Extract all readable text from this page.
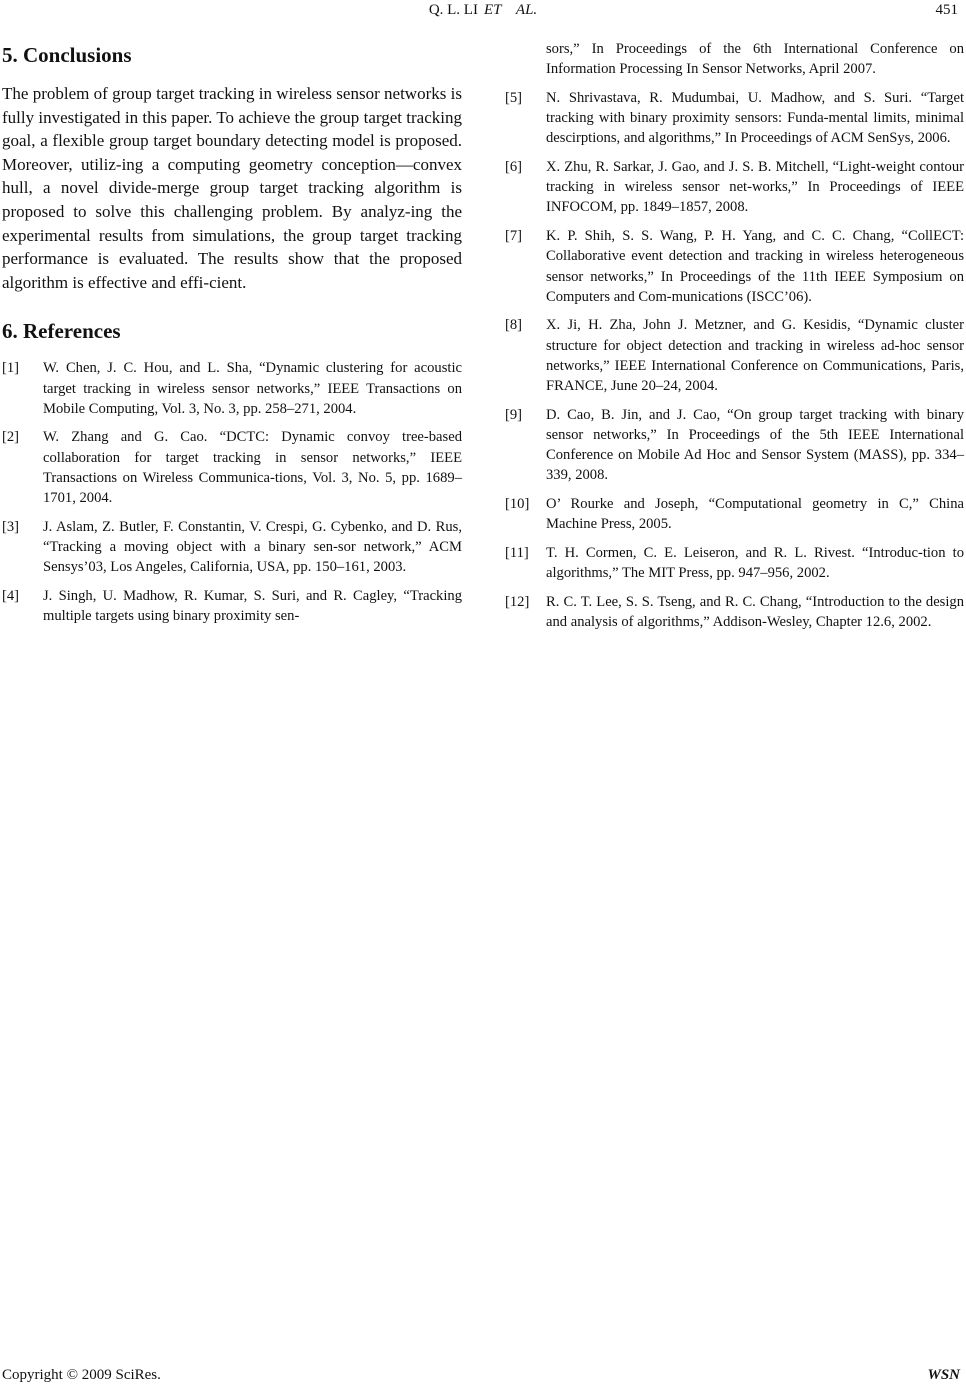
Q. L. LI ET    AL.	451
5. Conclusions

The problem of group target tracking in wireless sensor networks is fully investigated in this paper. To achieve the group target tracking goal, a flexible group target boundary detecting model is proposed. Moreover, utiliz-ing a computing geometry conception—convex hull, a novel divide-merge group target tracking algorithm is proposed to solve this challenging problem. By analyz-ing the experimental results from simulations, the group target tracking performance is evaluated. The results show that the proposed algorithm is effective and effi-cient.

6. References
[1] W. Chen, J. C. Hou, and L. Sha, “Dynamic clustering for acoustic target tracking in wireless sensor networks,” IEEE Transactions on Mobile Computing, Vol. 3, No. 3, pp. 258–271, 2004.
[2] W. Zhang and G. Cao. “DCTC: Dynamic convoy tree-based collaboration for target tracking in sensor networks,” IEEE Transactions on Wireless Communica-tions, Vol. 3, No. 5, pp. 1689–1701, 2004.
[3] J. Aslam, Z. Butler, F. Constantin, V. Crespi, G. Cybenko, and D. Rus, “Tracking a moving object with a binary sen-sor network,” ACM Sensys’03, Los Angeles, California, USA, pp. 150–161, 2003.
[4] J. Singh, U. Madhow, R. Kumar, S. Suri, and R. Cagley, “Tracking multiple targets using binary proximity sen-
sors,” In Proceedings of the 6th International Conference on Information Processing In Sensor Networks, April 2007.
[5] N. Shrivastava, R. Mudumbai, U. Madhow, and S. Suri. “Target tracking with binary proximity sensors: Funda-mental limits, minimal descirptions, and algorithms,” In Proceedings of ACM SenSys, 2006.
[6] X. Zhu, R. Sarkar, J. Gao, and J. S. B. Mitchell, “Light-weight contour tracking in wireless sensor net-works,” In Proceedings of IEEE INFOCOM, pp. 1849–1857, 2008.
[7] K. P. Shih, S. S. Wang, P. H. Yang, and C. C. Chang, “CollECT: Collaborative event detection and tracking in wireless heterogeneous sensor networks,” In Proceedings of the 11th IEEE Symposium on Computers and Com-munications (ISCC’06).
[8] X. Ji, H. Zha, John J. Metzner, and G. Kesidis, “Dynamic cluster structure for object detection and tracking in wireless ad-hoc sensor networks,” IEEE International Conference on Communications, Paris, FRANCE, June 20–24, 2004.
[9] D. Cao, B. Jin, and J. Cao, “On group target tracking with binary sensor networks,” In Proceedings of the 5th IEEE International Conference on Mobile Ad Hoc and Sensor System (MASS), pp. 334–339, 2008.
[10] O’ Rourke and Joseph, “Computational geometry in C,” China Machine Press, 2005.
[11] T. H. Cormen, C. E. Leiseron, and R. L. Rivest. “Introduc-tion to algorithms,” The MIT Press, pp. 947–956, 2002.
[12] R. C. T. Lee, S. S. Tseng, and R. C. Chang, “Introduction to the design and analysis of algorithms,” Addison-Wesley, Chapter 12.6, 2002.
Copyright © 2009 SciRes.	WSN
